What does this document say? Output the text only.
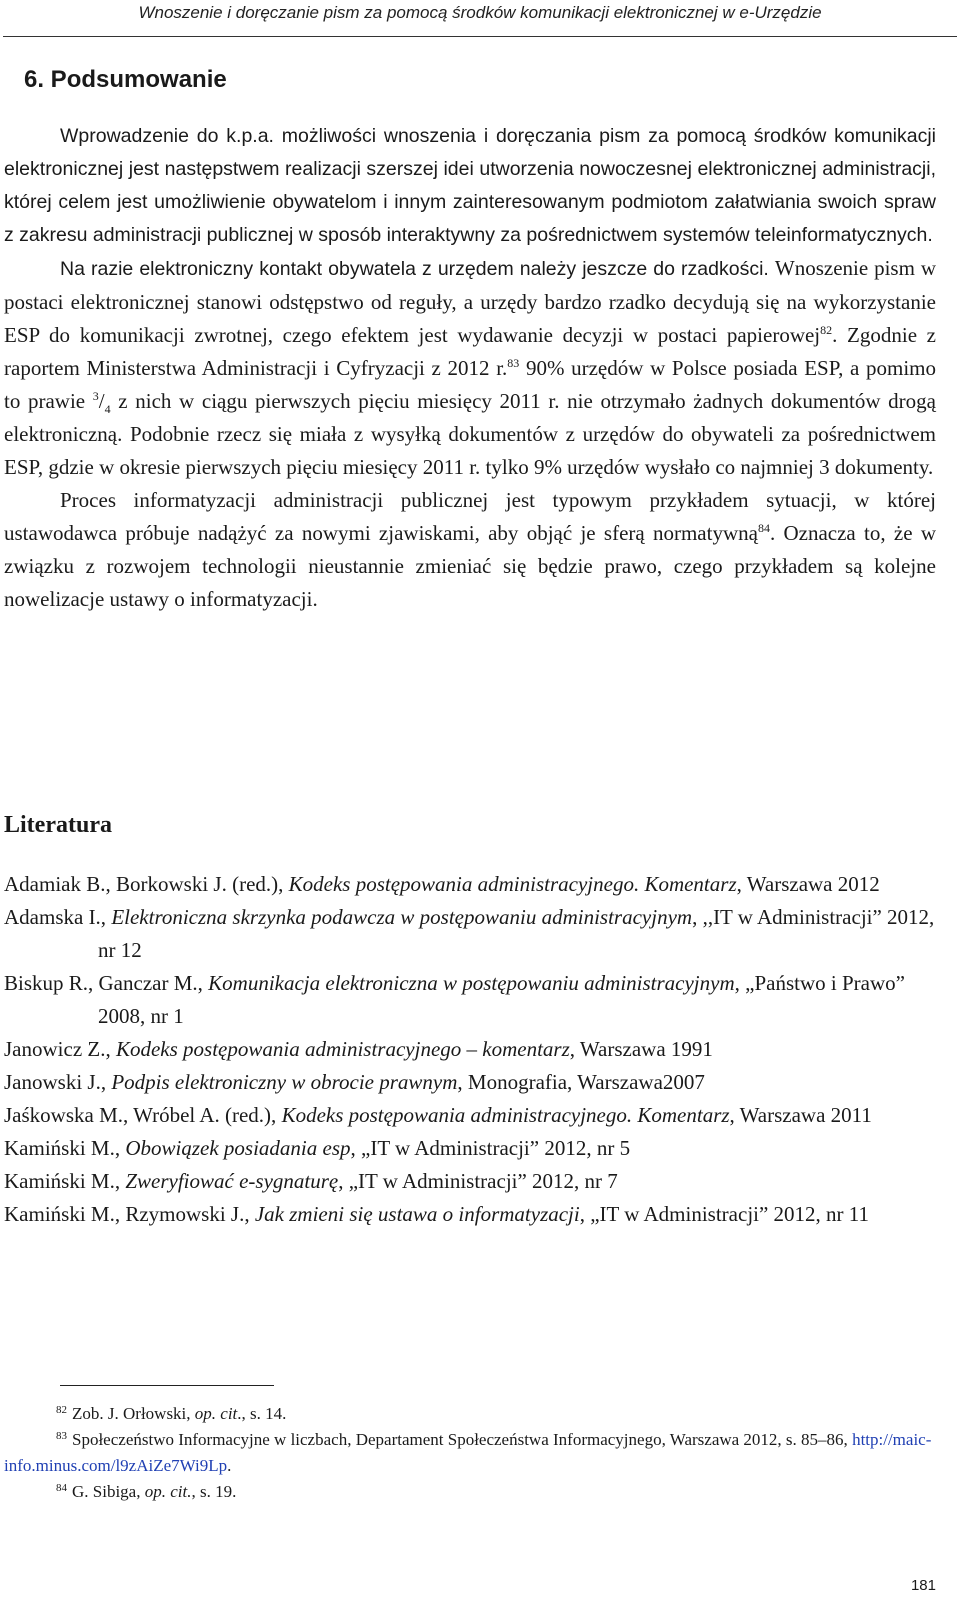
Wnoszenie i doręczanie pism za pomocą środków komunikacji elektronicznej w e-Urzędzie
6. Podsumowanie

Wprowadzenie do k.p.a. możliwości wnoszenia i doręczania pism za pomocą środków komunikacji elektronicznej jest następstwem realizacji szerszej idei utworzenia nowoczesnej elektronicznej administracji, której celem jest umożliwienie obywatelom i innym zainteresowanym podmiotom załatwiania swoich spraw z zakresu administracji publicznej w sposób interaktywny za pośrednictwem systemów teleinformatycznych.

Na razie elektroniczny kontakt obywatela z urzędem należy jeszcze do rzadkości. Wnoszenie pism w postaci elektronicznej stanowi odstępstwo od reguły, a urzędy bardzo rzadko decydują się na wykorzystanie ESP do komunikacji zwrotnej, czego efektem jest wydawanie decyzji w postaci papierowej$^{82}$. Zgodnie z raportem Ministerstwa Administracji i Cyfryzacji z 2012 r.$^{83}$ 90% urzędów w Polsce posiada ESP, a pomimo to prawie $^3/_4$ z nich w ciągu pierwszych pięciu miesięcy 2011 r. nie otrzymało żadnych dokumentów drogą elektroniczną. Podobnie rzecz się miała z wysyłką dokumentów z urzędów do obywateli za pośrednictwem ESP, gdzie w okresie pierwszych pięciu miesięcy 2011 r. tylko 9% urzędów wysłało co najmniej 3 dokumenty.

Proces informatyzacji administracji publicznej jest typowym przykładem sytuacji, w której ustawodawca próbuje nadążyć za nowymi zjawiskami, aby objąć je sferą normatywną$^{84}$. Oznacza to, że w związku z rozwojem technologii nieustannie zmieniać się będzie prawo, czego przykładem są kolejne nowelizacje ustawy o informatyzacji.

Literatura
Adamiak B., Borkowski J. (red.), Kodeks postępowania administracyjnego. Komentarz, Warszawa 2012
Adamska I., Elektroniczna skrzynka podawcza w postępowaniu administracyjnym, ,,IT w Administracji” 2012, nr 12
Biskup R., Ganczar M., Komunikacja elektroniczna w postępowaniu administracyjnym, „Państwo i Prawo” 2008, nr 1
Janowicz Z., Kodeks postępowania administracyjnego – komentarz, Warszawa 1991
Janowski J., Podpis elektroniczny w obrocie prawnym, Monografia, Warszawa2007
Jaśkowska M., Wróbel A. (red.), Kodeks postępowania administracyjnego. Komentarz, Warszawa 2011
Kamiński M., Obowiązek posiadania esp, „IT w Administracji” 2012, nr 5
Kamiński M., Zweryfiować e-sygnaturę, „IT w Administracji” 2012, nr 7
Kamiński M., Rzymowski J., Jak zmieni się ustawa o informatyzacji, „IT w Administracji” 2012, nr 11
$^{82}$ Zob. J. Orłowski, op. cit., s. 14.
$^{83}$ Społeczeństwo Informacyjne w liczbach, Departament Społeczeństwa Informacyjnego, Warszawa 2012, s. 85–86, http://maic-info.minus.com/l9zAiZe7Wi9Lp.
$^{84}$ G. Sibiga, op. cit., s. 19.
181
